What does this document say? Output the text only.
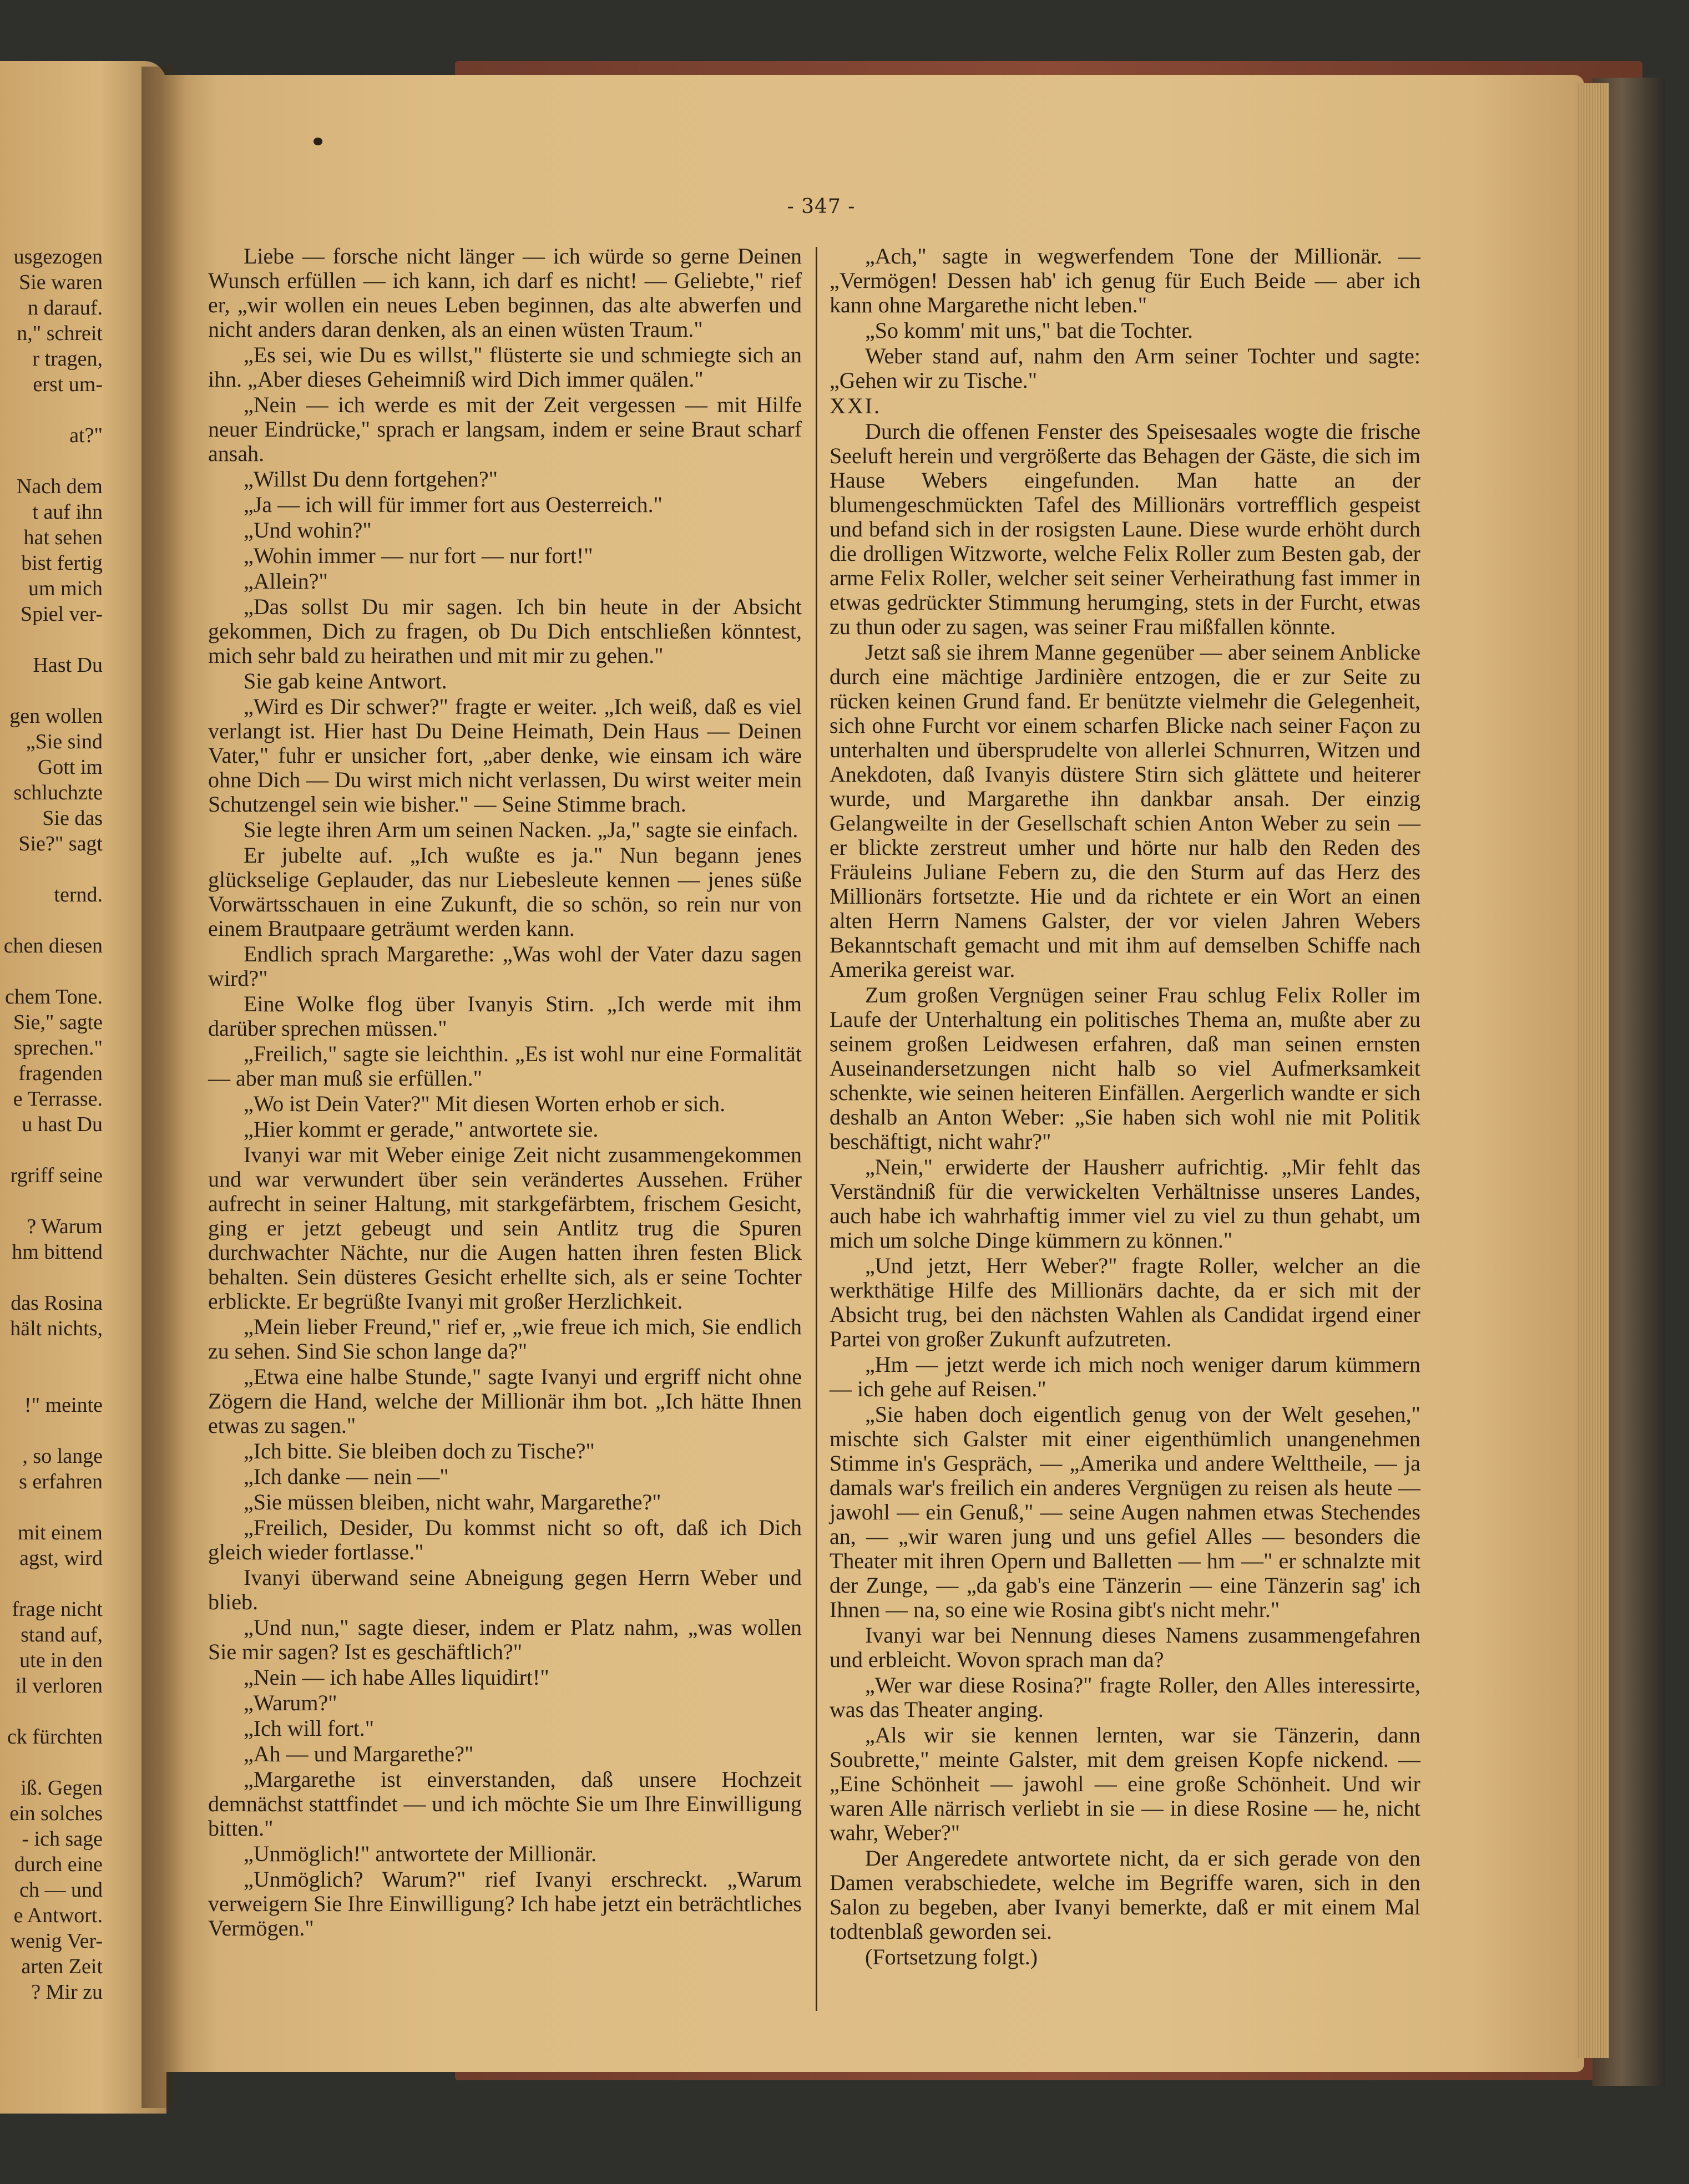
usgezogen
Sie waren
n darauf.
n," schreit
r tragen,
erst um-

at?"

Nach dem
t auf ihn
hat sehen
bist fertig
um mich
Spiel ver-

Hast Du

gen wollen
„Sie sind
Gott im
schluchzte
Sie das
Sie?" sagt

ternd.

chen diesen

chem Tone.
Sie," sagte
sprechen."
fragenden
e Terrasse.
u hast Du

rgriff seine

? Warum
hm bittend

das Rosina
hält nichts,

!" meinte

, so lange
s erfahren

mit einem
agst, wird

frage nicht
stand auf,
ute in den
il verloren

ck fürchten

iß. Gegen
ein solches
- ich sage
durch eine
ch — und
e Antwort.
wenig Ver-
arten Zeit
? Mir zu
- 347 -

Liebe — forsche nicht länger — ich würde so gerne Deinen Wunsch erfüllen — ich kann, ich darf es nicht! — Geliebte," rief er, „wir wollen ein neues Leben beginnen, das alte abwerfen und nicht anders daran denken, als an einen wüsten Traum."

„Es sei, wie Du es willst," flüsterte sie und schmiegte sich an ihn. „Aber dieses Geheimniß wird Dich immer quälen."

„Nein — ich werde es mit der Zeit vergessen — mit Hilfe neuer Eindrücke," sprach er langsam, indem er seine Braut scharf ansah.

„Willst Du denn fortgehen?"

„Ja — ich will für immer fort aus Oesterreich."

„Und wohin?"

„Wohin immer — nur fort — nur fort!"

„Allein?"

„Das sollst Du mir sagen. Ich bin heute in der Absicht gekommen, Dich zu fragen, ob Du Dich entschließen könntest, mich sehr bald zu heirathen und mit mir zu gehen."

Sie gab keine Antwort.

„Wird es Dir schwer?" fragte er weiter. „Ich weiß, daß es viel verlangt ist. Hier hast Du Deine Heimath, Dein Haus — Deinen Vater," fuhr er unsicher fort, „aber denke, wie einsam ich wäre ohne Dich — Du wirst mich nicht verlassen, Du wirst weiter mein Schutzengel sein wie bisher." — Seine Stimme brach.

Sie legte ihren Arm um seinen Nacken. „Ja," sagte sie einfach.

Er jubelte auf. „Ich wußte es ja." Nun begann jenes glückselige Geplauder, das nur Liebesleute kennen — jenes süße Vorwärtsschauen in eine Zukunft, die so schön, so rein nur von einem Brautpaare geträumt werden kann.

Endlich sprach Margarethe: „Was wohl der Vater dazu sagen wird?"

Eine Wolke flog über Ivanyis Stirn. „Ich werde mit ihm darüber sprechen müssen."

„Freilich," sagte sie leichthin. „Es ist wohl nur eine Formalität — aber man muß sie erfüllen."

„Wo ist Dein Vater?" Mit diesen Worten erhob er sich.

„Hier kommt er gerade," antwortete sie.

Ivanyi war mit Weber einige Zeit nicht zusammengekommen und war verwundert über sein verändertes Aussehen. Früher aufrecht in seiner Haltung, mit starkgefärbtem, frischem Gesicht, ging er jetzt gebeugt und sein Antlitz trug die Spuren durchwachter Nächte, nur die Augen hatten ihren festen Blick behalten. Sein düsteres Gesicht erhellte sich, als er seine Tochter erblickte. Er begrüßte Ivanyi mit großer Herzlichkeit.

„Mein lieber Freund," rief er, „wie freue ich mich, Sie endlich zu sehen. Sind Sie schon lange da?"

„Etwa eine halbe Stunde," sagte Ivanyi und ergriff nicht ohne Zögern die Hand, welche der Millionär ihm bot. „Ich hätte Ihnen etwas zu sagen."

„Ich bitte. Sie bleiben doch zu Tische?"

„Ich danke — nein —"

„Sie müssen bleiben, nicht wahr, Margarethe?"

„Freilich, Desider, Du kommst nicht so oft, daß ich Dich gleich wieder fortlasse."

Ivanyi überwand seine Abneigung gegen Herrn Weber und blieb.

„Und nun," sagte dieser, indem er Platz nahm, „was wollen Sie mir sagen? Ist es geschäftlich?"

„Nein — ich habe Alles liquidirt!"

„Warum?"

„Ich will fort."

„Ah — und Margarethe?"

„Margarethe ist einverstanden, daß unsere Hochzeit demnächst stattfindet — und ich möchte Sie um Ihre Einwilligung bitten."

„Unmöglich!" antwortete der Millionär.

„Unmöglich? Warum?" rief Ivanyi erschreckt. „Warum verweigern Sie Ihre Einwilligung? Ich habe jetzt ein beträchtliches Vermögen."

„Ach," sagte in wegwerfendem Tone der Millionär. — „Vermögen! Dessen hab' ich genug für Euch Beide — aber ich kann ohne Margarethe nicht leben."

„So komm' mit uns," bat die Tochter.

Weber stand auf, nahm den Arm seiner Tochter und sagte: „Gehen wir zu Tische."

XXI.

Durch die offenen Fenster des Speisesaales wogte die frische Seeluft herein und vergrößerte das Behagen der Gäste, die sich im Hause Webers eingefunden. Man hatte an der blumengeschmückten Tafel des Millionärs vortrefflich gespeist und befand sich in der rosigsten Laune. Diese wurde erhöht durch die drolligen Witzworte, welche Felix Roller zum Besten gab, der arme Felix Roller, welcher seit seiner Verheirathung fast immer in etwas gedrückter Stimmung herumging, stets in der Furcht, etwas zu thun oder zu sagen, was seiner Frau mißfallen könnte.

Jetzt saß sie ihrem Manne gegenüber — aber seinem Anblicke durch eine mächtige Jardinière entzogen, die er zur Seite zu rücken keinen Grund fand. Er benützte vielmehr die Gelegenheit, sich ohne Furcht vor einem scharfen Blicke nach seiner Façon zu unterhalten und übersprudelte von allerlei Schnurren, Witzen und Anekdoten, daß Ivanyis düstere Stirn sich glättete und heiterer wurde, und Margarethe ihn dankbar ansah. Der einzig Gelangweilte in der Gesellschaft schien Anton Weber zu sein — er blickte zerstreut umher und hörte nur halb den Reden des Fräuleins Juliane Febern zu, die den Sturm auf das Herz des Millionärs fortsetzte. Hie und da richtete er ein Wort an einen alten Herrn Namens Galster, der vor vielen Jahren Webers Bekanntschaft gemacht und mit ihm auf demselben Schiffe nach Amerika gereist war.

Zum großen Vergnügen seiner Frau schlug Felix Roller im Laufe der Unterhaltung ein politisches Thema an, mußte aber zu seinem großen Leidwesen erfahren, daß man seinen ernsten Auseinandersetzungen nicht halb so viel Aufmerksamkeit schenkte, wie seinen heiteren Einfällen. Aergerlich wandte er sich deshalb an Anton Weber: „Sie haben sich wohl nie mit Politik beschäftigt, nicht wahr?"

„Nein," erwiderte der Hausherr aufrichtig. „Mir fehlt das Verständniß für die verwickelten Verhältnisse unseres Landes, auch habe ich wahrhaftig immer viel zu viel zu thun gehabt, um mich um solche Dinge kümmern zu können."

„Und jetzt, Herr Weber?" fragte Roller, welcher an die werkthätige Hilfe des Millionärs dachte, da er sich mit der Absicht trug, bei den nächsten Wahlen als Candidat irgend einer Partei von großer Zukunft aufzutreten.

„Hm — jetzt werde ich mich noch weniger darum kümmern — ich gehe auf Reisen."

„Sie haben doch eigentlich genug von der Welt gesehen," mischte sich Galster mit einer eigenthümlich unangenehmen Stimme in's Gespräch, — „Amerika und andere Welttheile, — ja damals war's freilich ein anderes Vergnügen zu reisen als heute — jawohl — ein Genuß," — seine Augen nahmen etwas Stechendes an, — „wir waren jung und uns gefiel Alles — besonders die Theater mit ihren Opern und Balletten — hm —" er schnalzte mit der Zunge, — „da gab's eine Tänzerin — eine Tänzerin sag' ich Ihnen — na, so eine wie Rosina gibt's nicht mehr."

Ivanyi war bei Nennung dieses Namens zusammengefahren und erbleicht. Wovon sprach man da?

„Wer war diese Rosina?" fragte Roller, den Alles interessirte, was das Theater anging.

„Als wir sie kennen lernten, war sie Tänzerin, dann Soubrette," meinte Galster, mit dem greisen Kopfe nickend. — „Eine Schönheit — jawohl — eine große Schönheit. Und wir waren Alle närrisch verliebt in sie — in diese Rosine — he, nicht wahr, Weber?"

Der Angeredete antwortete nicht, da er sich gerade von den Damen verabschiedete, welche im Begriffe waren, sich in den Salon zu begeben, aber Ivanyi bemerkte, daß er mit einem Mal todtenblaß geworden sei.

(Fortsetzung folgt.)
